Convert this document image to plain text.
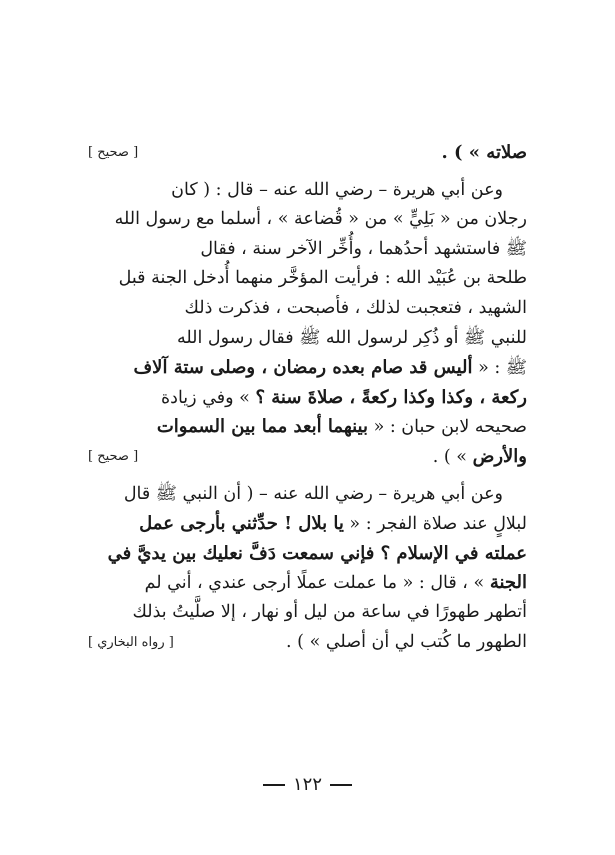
صلاته » ) .
[ صحيح ]
وعن أبي هريرة – رضي الله عنه – قال : ( كان
رجلان من « بَلِيٍّ » من « قُضاعة » ، أسلما مع رسول الله
ﷺ فاستشهد أحدُهما ، وأُخِّر الآخر سنة ، فقال
طلحة بن عُبَيْد الله : فرأيت المؤخَّر منهما أُدخل الجنة قبل
الشهيد ، فتعجبت لذلك ، فأصبحت ، فذكرت ذلك
للنبي ﷺ أو ذُكِر لرسول الله ﷺ فقال رسول الله
ﷺ : « أليس قد صام بعده رمضان ، وصلى ستة آلاف
ركعة ، وكذا وكذا ركعةً ، صلاةَ سنة ؟ » وفي زيادة
صحيحه لابن حبان : « بينهما أبعد مما بين السموات
والأرض » ) .
[ صحيح ]
وعن أبي هريرة – رضي الله عنه – ( أن النبي ﷺ قال
لبلالٍ عند صلاة الفجر : « يا بلال ! حدِّثني بأرجى عمل
عملته في الإسلام ؟ فإني سمعت دَفَّ نعليك بين يديَّ في
الجنة » ، قال : « ما عملت عملًا أرجى عندي ، أني لم
أتطهر طهورًا في ساعة من ليل أو نهار ، إلا صلَّيتُ بذلك
الطهور ما كُتب لي أن أصلي » ) .
[ رواه البخاري ]
١٢٢
